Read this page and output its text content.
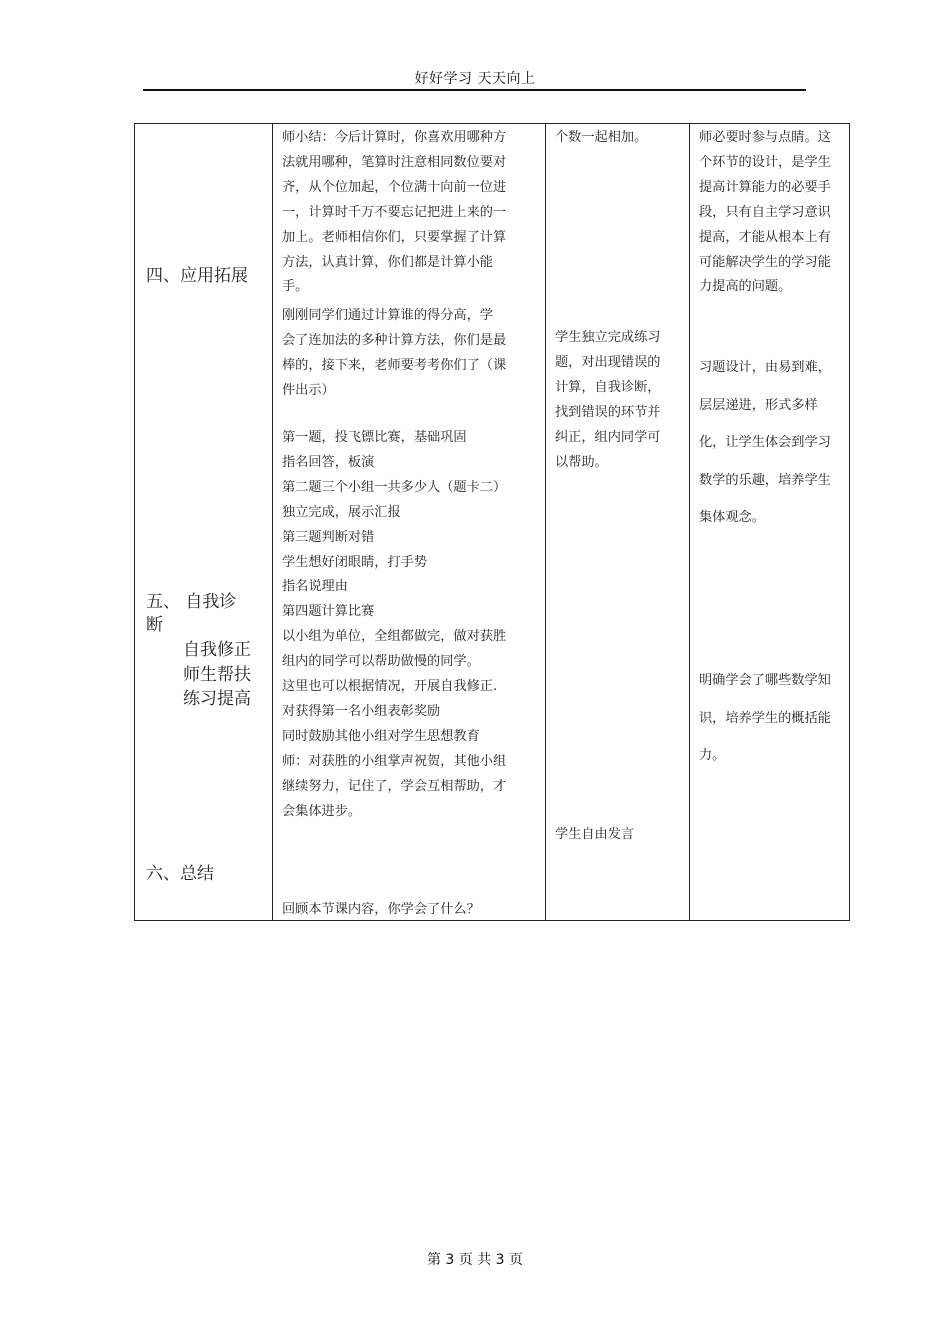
好好学习 天天向上
四、应用拓展
五、 自我诊
断
自我修正
师生帮扶
练习提高
六、总结
师小结：今后计算时，你喜欢用哪种方
法就用哪种，笔算时注意相同数位要对
齐，从个位加起，个位满十向前一位进
一，计算时千万不要忘记把进上来的一
加上。老师相信你们，只要掌握了计算
方法，认真计算，你们都是计算小能
手。
刚刚同学们通过计算谁的得分高，学
会了连加法的多种计算方法，你们是最
棒的，接下来，老师要考考你们了（课
件出示）
第一题，投飞镖比赛，基础巩固
指名回答，板演
第二题三个小组一共多少人（题卡二）
独立完成，展示汇报
第三题判断对错
学生想好闭眼睛，打手势
指名说理由
第四题计算比赛
以小组为单位，全组都做完，做对获胜
组内的同学可以帮助做慢的同学。
这里也可以根据情况，开展自我修正.
对获得第一名小组表彰奖励
同时鼓励其他小组对学生思想教育
师：对获胜的小组掌声祝贺，其他小组
继续努力，记住了，学会互相帮助，才
会集体进步。
回顾本节课内容，你学会了什么？
个数一起相加。
学生独立完成练习
题，对出现错误的
计算，自我诊断，
找到错误的环节并
纠正，组内同学可
以帮助。
学生自由发言
师必要时参与点睛。这
个环节的设计，是学生
提高计算能力的必要手
段，只有自主学习意识
提高，才能从根本上有
可能解决学生的学习能
力提高的问题。
习题设计，由易到难，
层层递进，形式多样
化，让学生体会到学习
数学的乐趣，培养学生
集体观念。
明确学会了哪些数学知
识，培养学生的概括能
力。
第 3 页 共 3 页
